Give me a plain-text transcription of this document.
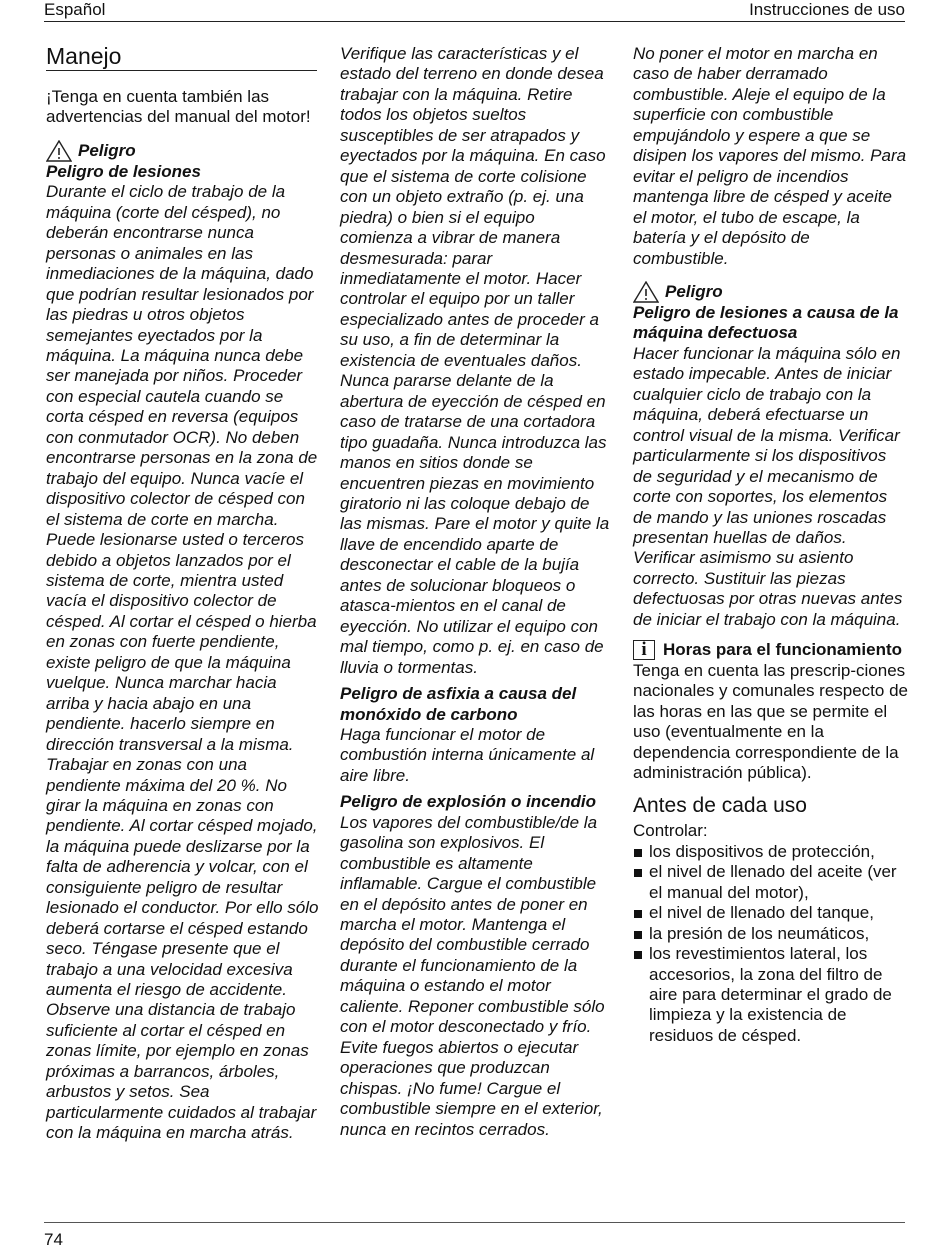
Español	Instrucciones de uso
Manejo
¡Tenga en cuenta también las advertencias del manual del motor!
Peligro
Peligro de lesiones
Durante el ciclo de trabajo de la máquina (corte del césped), no deberán encontrarse nunca personas o animales en las inmediaciones de la máquina, dado que podrían resultar lesionados por las piedras u otros objetos semejantes eyectados por la máquina. La máquina nunca debe ser manejada por niños. Proceder con especial cautela cuando se corta césped en reversa (equipos con conmutador OCR). No deben encontrarse personas en la zona de trabajo del equipo. Nunca vacíe el dispositivo colector de césped con el sistema de corte en marcha. Puede lesionarse usted o terceros debido a objetos lanzados por el sistema de corte, mientra usted vacía el dispositivo colector de césped. Al cortar el césped o hierba en zonas con fuerte pendiente, existe peligro de que la máquina vuelque. Nunca marchar hacia arriba y hacia abajo en una pendiente. hacerlo siempre en dirección transversal a la misma. Trabajar en zonas con una pendiente máxima del 20 %. No girar la máquina en zonas con pendiente. Al cortar césped mojado, la máquina puede deslizarse por la falta de adherencia y volcar, con el consiguiente peligro de resultar lesionado el conductor. Por ello sólo deberá cortarse el césped estando seco. Téngase presente que el trabajo a una velocidad excesiva aumenta el riesgo de accidente. Observe una distancia de trabajo suficiente al cortar el césped en zonas límite, por ejemplo en zonas próximas a barrancos, árboles, arbustos y setos. Sea particularmente cuidados al trabajar con la máquina en marcha atrás.
Verifique las características y el estado del terreno en donde desea trabajar con la máquina. Retire todos los objetos sueltos susceptibles de ser atrapados y eyectados por la máquina. En caso que el sistema de corte colisione con un objeto extraño (p. ej. una piedra) o bien si el equipo comienza a vibrar de manera desmesurada: parar inmediatamente el motor. Hacer controlar el equipo por un taller especializado antes de proceder a su uso, a fin de determinar la existencia de eventuales daños. Nunca pararse delante de la abertura de eyección de césped en caso de tratarse de una cortadora tipo guadaña. Nunca introduzca las manos en sitios donde se encuentren piezas en movimiento giratorio ni las coloque debajo de las mismas. Pare el motor y quite la llave de encendido aparte de desconectar el cable de la bujía antes de solucionar bloqueos o atasca-mientos en el canal de eyección. No utilizar el equipo con mal tiempo, como p. ej. en caso de lluvia o tormentas.
Peligro de asfixia a causa del monóxido de carbono
Haga funcionar el motor de combustión interna únicamente al aire libre.
Peligro de explosión o incendio
Los vapores del combustible/de la gasolina son explosivos. El combustible es altamente inflamable. Cargue el combustible en el depósito antes de poner en marcha el motor. Mantenga el depósito del combustible cerrado durante el funcionamiento de la máquina o estando el motor caliente. Reponer combustible sólo con el motor desconectado y frío. Evite fuegos abiertos o ejecutar operaciones que produzcan chispas. ¡No fume! Cargue el combustible siempre en el exterior, nunca en recintos cerrados.
No poner el motor en marcha en caso de haber derramado combustible. Aleje el equipo de la superficie con combustible empujándolo y espere a que se disipen los vapores del mismo. Para evitar el peligro de incendios mantenga libre de césped y aceite el motor, el tubo de escape, la batería y el depósito de combustible.
Peligro
Peligro de lesiones a causa de la máquina defectuosa
Hacer funcionar la máquina sólo en estado impecable. Antes de iniciar cualquier ciclo de trabajo con la máquina, deberá efectuarse un control visual de la misma. Verificar particularmente si los dispositivos de seguridad y el mecanismo de corte con soportes, los elementos de mando y las uniones roscadas presentan huellas de daños. Verificar asimismo su asiento correcto. Sustituir las piezas defectuosas por otras nuevas antes de iniciar el trabajo con la máquina.
i Horas para el funcionamiento
Tenga en cuenta las prescrip-ciones nacionales y comunales respecto de las horas en las que se permite el uso (eventualmente en la dependencia correspondiente de la administración pública).
Antes de cada uso
Controlar:
los dispositivos de protección,
el nivel de llenado del aceite (ver el manual del motor),
el nivel de llenado del tanque,
la presión de los neumáticos,
los revestimientos lateral, los accesorios, la zona del filtro de aire para determinar el grado de limpieza y la existencia de residuos de césped.
74
